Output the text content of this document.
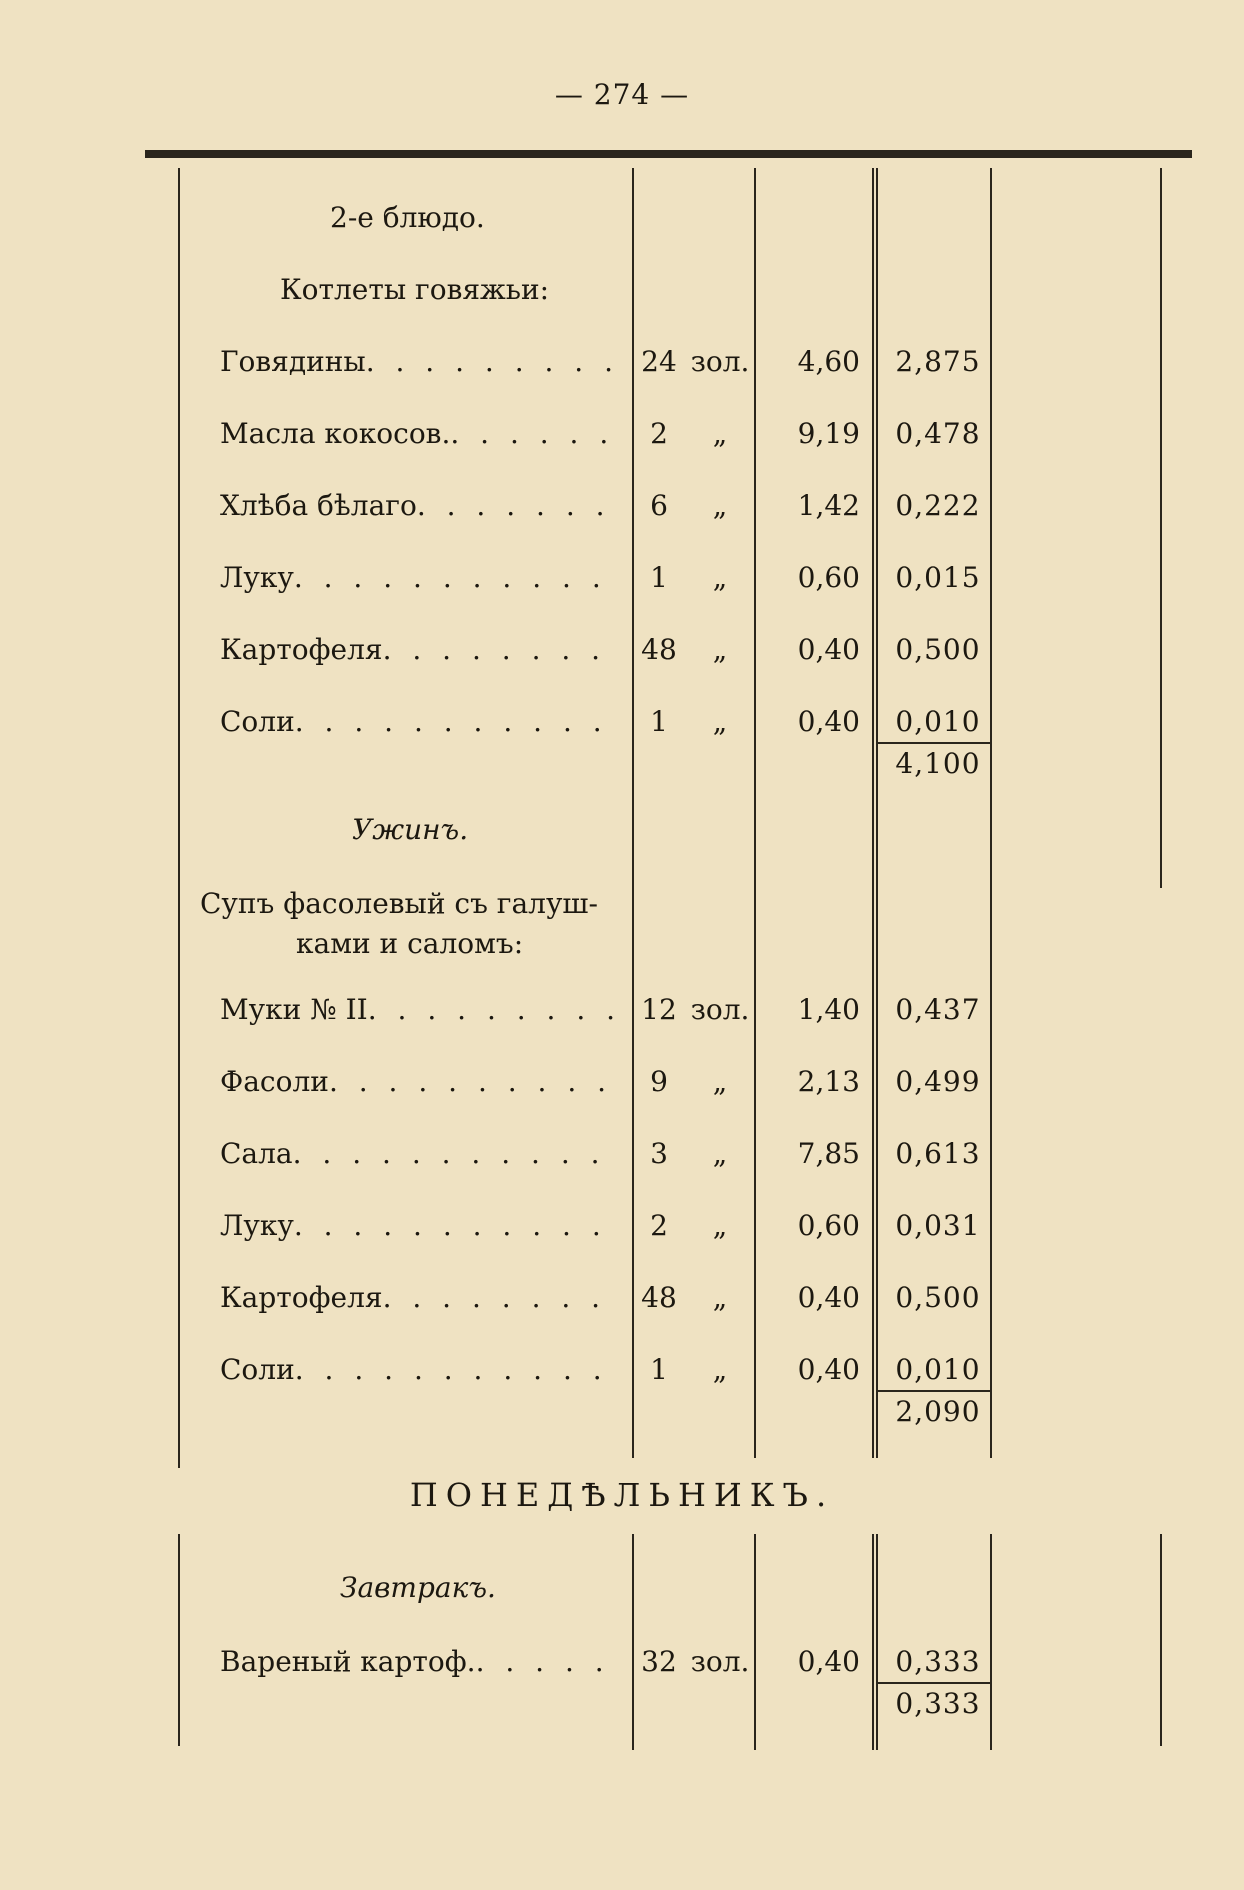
— 274 —
2-е блюдо.
Котлеты говяжьи:
Говядины . . .	24 зол.	4,60	2,875
Масла кокосов. . . .	2	„	9,19	0,478
Хлѣба бѣлаго . . .	6	„	1,42	0,222
Луку . . .	1	„	0,60	0,015
Картофеля . . .	48	„	0,40	0,500
Соли . . .	1	„	0,40	0,010
4,100
Ужинъ.
Супъ фасолевый съ галуш-
ками и саломъ:
Муки № II . . .	12 зол.	1,40	0,437
Фасоли . . .	9	„	2,13	0,499
Сала . . .	3	„	7,85	0,613
Луку . . .	2	„	0,60	0,031
Картофеля . . .	48	„	0,40	0,500
Соли . . .	1	„	0,40	0,010
2,090
ПОНЕДѢЛЬНИКЪ.
Завтракъ.
Вареный картоф. . . .	32 зол.	0,40	0,333
0,333
